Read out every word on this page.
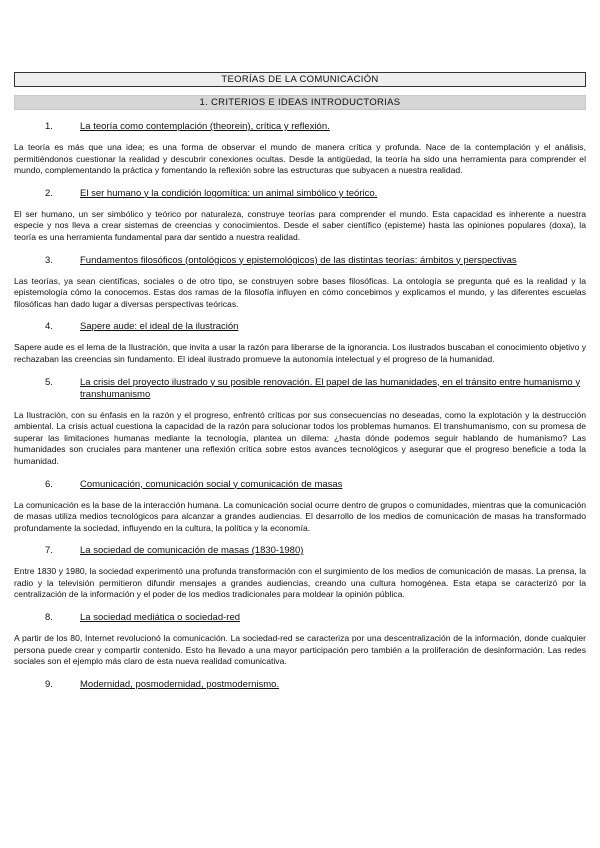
TEORÍAS DE LA COMUNICACIÓN
1. CRITERIOS E IDEAS INTRODUCTORIAS
1.	La teoría como contemplación (theorein), crítica y reflexión.
La teoría es más que una idea; es una forma de observar el mundo de manera crítica y profunda. Nace de la contemplación y el análisis, permitiéndonos cuestionar la realidad y descubrir conexiones ocultas. Desde la antigüedad, la teoría ha sido una herramienta para comprender el mundo, complementando la práctica y fomentando la reflexión sobre las estructuras que subyacen a nuestra realidad.
2.	El ser humano y la condición logomítica: un animal simbólico y teórico.
El ser humano, un ser simbólico y teórico por naturaleza, construye teorías para comprender el mundo. Esta capacidad es inherente a nuestra especie y nos lleva a crear sistemas de creencias y conocimientos. Desde el saber científico (episteme) hasta las opiniones populares (doxa), la teoría es una herramienta fundamental para dar sentido a nuestra realidad.
3.	Fundamentos filosóficos (ontológicos y epistemológicos) de las distintas teorías: ámbitos y perspectivas
Las teorías, ya sean científicas, sociales o de otro tipo, se construyen sobre bases filosóficas. La ontología se pregunta qué es la realidad y la epistemología cómo la conocemos. Estas dos ramas de la filosofía influyen en cómo concebimos y explicamos el mundo, y las diferentes escuelas filosóficas han dado lugar a diversas perspectivas teóricas.
4.	Sapere aude: el ideal de la ilustración
Sapere aude es el lema de la Ilustración, que invita a usar la razón para liberarse de la ignorancia. Los ilustrados buscaban el conocimiento objetivo y rechazaban las creencias sin fundamento. El ideal ilustrado promueve la autonomía intelectual y el progreso de la humanidad.
5.	La crisis del proyecto ilustrado y su posible renovación. El papel de las humanidades, en el tránsito entre humanismo y transhumanismo
La Ilustración, con su énfasis en la razón y el progreso, enfrentó críticas por sus consecuencias no deseadas, como la explotación y la destrucción ambiental. La crisis actual cuestiona la capacidad de la razón para solucionar todos los problemas humanos. El transhumanismo, con su promesa de superar las limitaciones humanas mediante la tecnología, plantea un dilema: ¿hasta dónde podemos seguir hablando de humanismo? Las humanidades son cruciales para mantener una reflexión crítica sobre estos avances tecnológicos y asegurar que el progreso beneficie a toda la humanidad.
6.	Comunicación, comunicación social y comunicación de masas
La comunicación es la base de la interacción humana. La comunicación social ocurre dentro de grupos o comunidades, mientras que la comunicación de masas utiliza medios tecnológicos para alcanzar a grandes audiencias. El desarrollo de los medios de comunicación de masas ha transformado profundamente la sociedad, influyendo en la cultura, la política y la economía.
7.	La sociedad de comunicación de masas (1830-1980)
Entre 1830 y 1980, la sociedad experimentó una profunda transformación con el surgimiento de los medios de comunicación de masas. La prensa, la radio y la televisión permitieron difundir mensajes a grandes audiencias, creando una cultura homogénea. Esta etapa se caracterizó por la centralización de la información y el poder de los medios tradicionales para moldear la opinión pública.
8.	La sociedad mediática o sociedad-red
A partir de los 80, Internet revolucionó la comunicación. La sociedad-red se caracteriza por una descentralización de la información, donde cualquier persona puede crear y compartir contenido. Esto ha llevado a una mayor participación pero también a la proliferación de desinformación. Las redes sociales son el ejemplo más claro de esta nueva realidad comunicativa.
9.	Modernidad, posmodernidad, postmodernismo.
